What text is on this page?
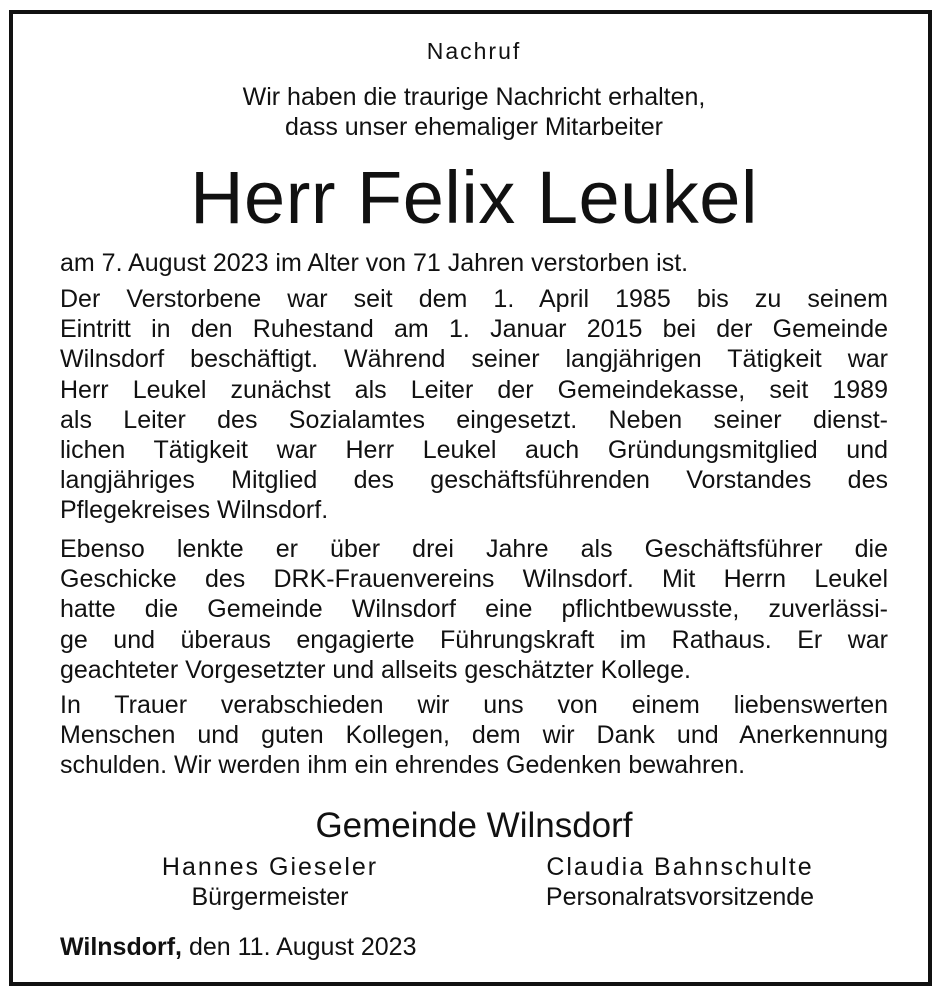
Nachruf
Wir haben die traurige Nachricht erhalten,
dass unser ehemaliger Mitarbeiter
Herr Felix Leukel
am 7. August 2023 im Alter von 71 Jahren verstorben ist.
Der Verstorbene war seit dem 1. April 1985 bis zu seinem
Eintritt in den Ruhestand am 1. Januar 2015 bei der Gemeinde
Wilnsdorf beschäftigt. Während seiner langjährigen Tätigkeit war
Herr Leukel zunächst als Leiter der Gemeindekasse, seit 1989
als Leiter des Sozialamtes eingesetzt. Neben seiner dienst-
lichen Tätigkeit war Herr Leukel auch Gründungsmitglied und
langjähriges Mitglied des geschäftsführenden Vorstandes des
Pflegekreises Wilnsdorf.
Ebenso lenkte er über drei Jahre als Geschäftsführer die
Geschicke des DRK-Frauenvereins Wilnsdorf. Mit Herrn Leukel
hatte die Gemeinde Wilnsdorf eine pflichtbewusste, zuverlässi-
ge und überaus engagierte Führungskraft im Rathaus. Er war
geachteter Vorgesetzter und allseits geschätzter Kollege.
In Trauer verabschieden wir uns von einem liebenswerten
Menschen und guten Kollegen, dem wir Dank und Anerkennung
schulden. Wir werden ihm ein ehrendes Gedenken bewahren.
Gemeinde Wilnsdorf
Hannes Gieseler
Bürgermeister
Claudia Bahnschulte
Personalratsvorsitzende
Wilnsdorf, den 11. August 2023
